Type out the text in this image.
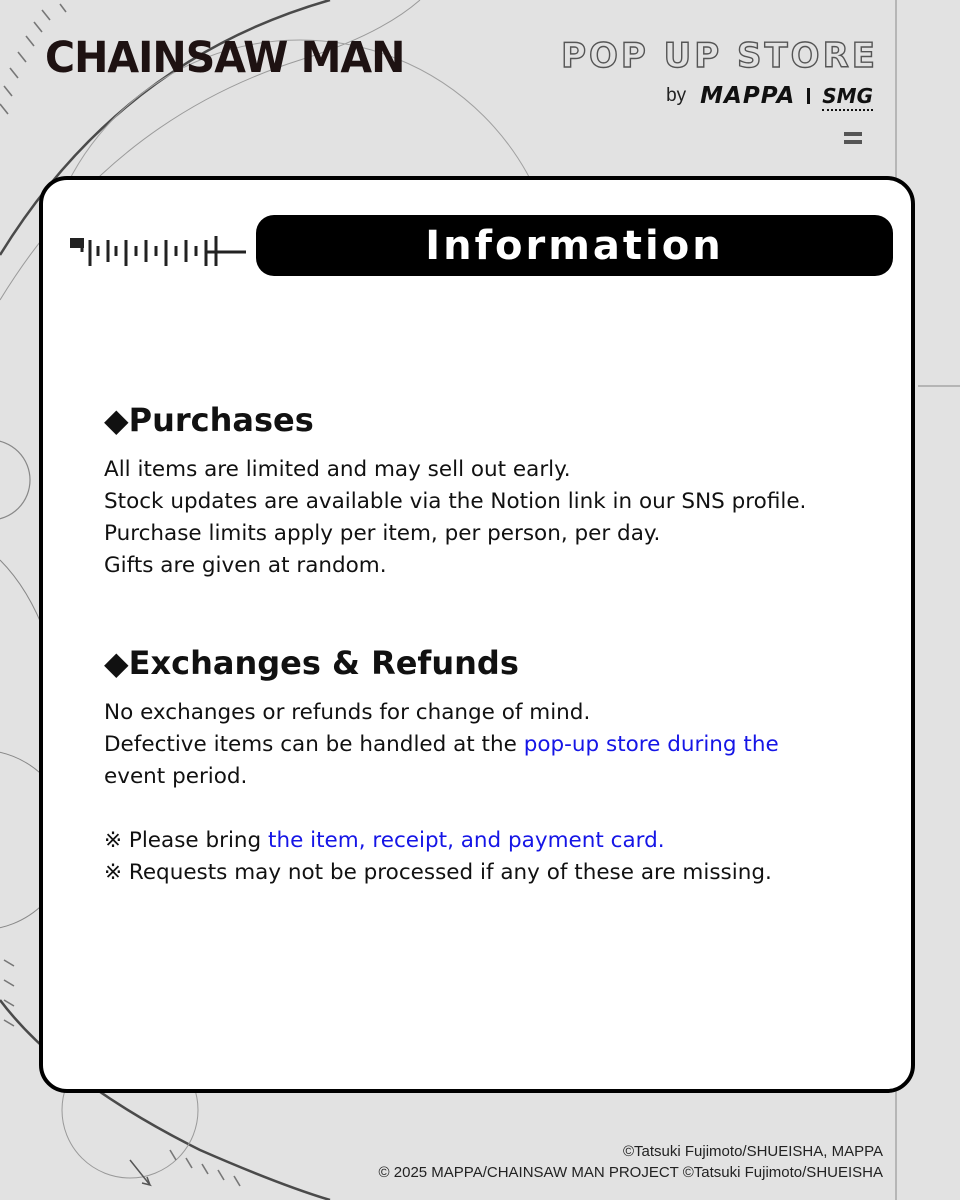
CHAINSAW MAN	POP UP STORE
by MAPPA SMG
Information
◆Purchases

All items are limited and may sell out early.

Stock updates are available via the Notion link in our SNS profile.

Purchase limits apply per item, per person, per day.

Gifts are given at random.

◆Exchanges & Refunds

No exchanges or refunds for change of mind.

Defective items can be handled at the pop-up store during the

event period.

※ Please bring the item, receipt, and payment card.

※ Requests may not be processed if any of these are missing.

©Tatsuki Fujimoto/SHUEISHA, MAPPA
© 2025 MAPPA/CHAINSAW MAN PROJECT ©Tatsuki Fujimoto/SHUEISHA
